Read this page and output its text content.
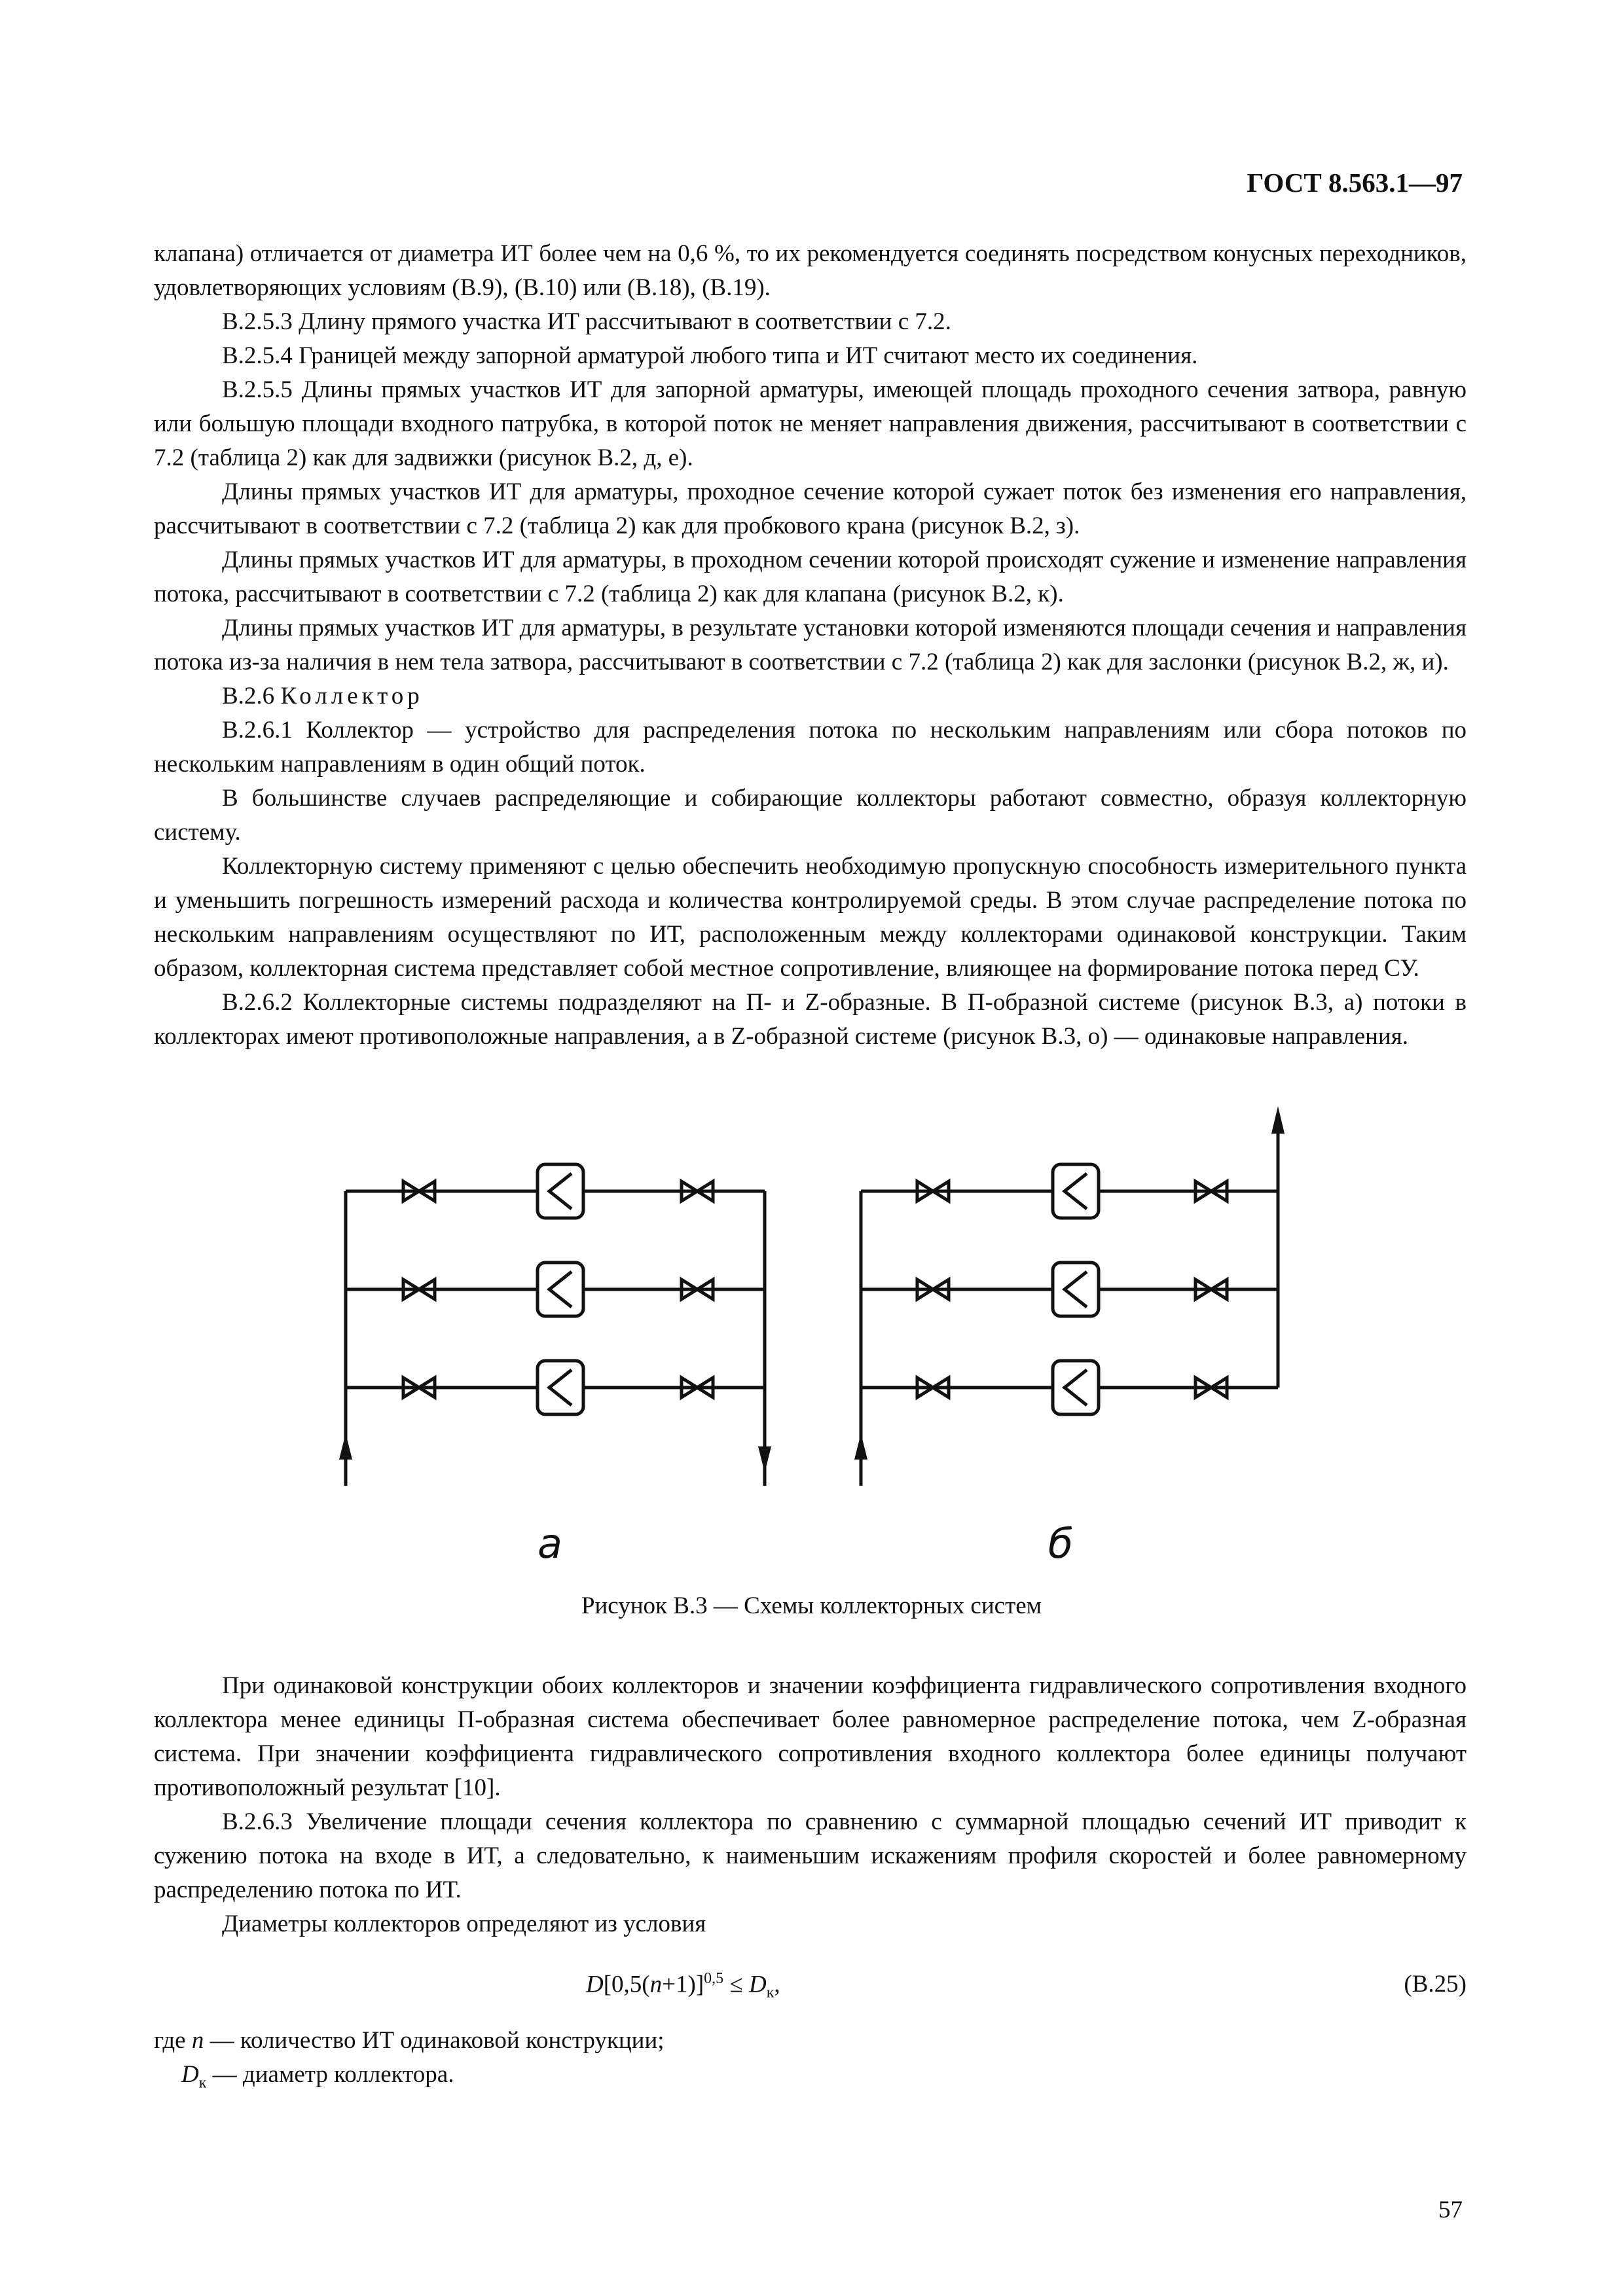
ГОСТ 8.563.1—97

клапана) отличается от диаметра ИТ более чем на 0,6 %, то их рекомендуется соединять посредством конусных переходников, удовлетворяющих условиям (В.9), (В.10) или (В.18), (В.19).

В.2.5.3 Длину прямого участка ИТ рассчитывают в соответствии с 7.2.

В.2.5.4 Границей между запорной арматурой любого типа и ИТ считают место их соединения.

В.2.5.5 Длины прямых участков ИТ для запорной арматуры, имеющей площадь проходного сечения затвора, равную или большую площади входного патрубка, в которой поток не меняет направления движения, рассчитывают в соответствии с 7.2 (таблица 2) как для задвижки (рисунок В.2, д, е).

Длины прямых участков ИТ для арматуры, проходное сечение которой сужает поток без изменения его направления, рассчитывают в соответствии с 7.2 (таблица 2) как для пробкового крана (рисунок В.2, з).

Длины прямых участков ИТ для арматуры, в проходном сечении которой происходят сужение и изменение направления потока, рассчитывают в соответствии с 7.2 (таблица 2) как для клапана (рисунок В.2, к).

Длины прямых участков ИТ для арматуры, в результате установки которой изменяются площади сечения и направления потока из-за наличия в нем тела затвора, рассчитывают в соответствии с 7.2 (таблица 2) как для заслонки (рисунок В.2, ж, и).

В.2.6 Коллектор

В.2.6.1 Коллектор — устройство для распределения потока по нескольким направлениям или сбора потоков по нескольким направлениям в один общий поток.

В большинстве случаев распределяющие и собирающие коллекторы работают совместно, образуя коллекторную систему.

Коллекторную систему применяют с целью обеспечить необходимую пропускную способность измерительного пункта и уменьшить погрешность измерений расхода и количества контролируемой среды. В этом случае распределение потока по нескольким направлениям осуществляют по ИТ, расположенным между коллекторами одинаковой конструкции. Таким образом, коллекторная система представляет собой местное сопротивление, влияющее на формирование потока перед СУ.

В.2.6.2 Коллекторные системы подразделяют на П- и Z-образные. В П-образной системе (рисунок В.3, а) потоки в коллекторах имеют противоположные направления, а в Z-образной системе (рисунок В.3, о) — одинаковые направления.

а	б
Рисунок В.3 — Схемы коллекторных систем

При одинаковой конструкции обоих коллекторов и значении коэффициента гидравлического сопротивления входного коллектора менее единицы П-образная система обеспечивает более равномерное распределение потока, чем Z-образная система. При значении коэффициента гидравлического сопротивления входного коллектора более единицы получают противоположный результат [10].

В.2.6.3 Увеличение площади сечения коллектора по сравнению с суммарной площадью сечений ИТ приводит к сужению потока на входе в ИТ, а следовательно, к наименьшим искажениям профиля скоростей и более равномерному распределению потока по ИТ.

Диаметры коллекторов определяют из условия

$D[0,5(n+1)]^{0,5} \le D_к$,	(В.25)

где n — количество ИТ одинаковой конструкции;

$D_к$ — диаметр коллектора.

57
